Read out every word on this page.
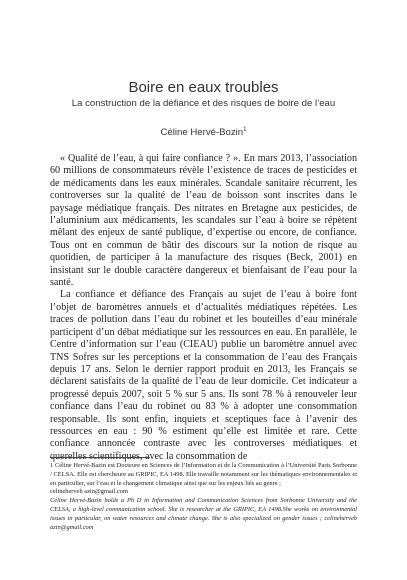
Boire en eaux troubles
La construction de la défiance et des risques de boire de l’eau
Céline Hervé-Bozin$^1$

« Qualité de l’eau, à qui faire confiance ? ». En mars 2013, l’association 60 millions de consommateurs révèle l’existence de traces de pesticides et de médicaments dans les eaux minérales. Scandale sanitaire récurrent, les controverses sur la qualité de l’eau de boisson sont inscrites dans le paysage médiatique français. Des nitrates en Bretagne aux pesticides, de l’aluminium aux médicaments, les scandales sur l’eau à boire se répètent mêlant des enjeux de santé publique, d’expertise ou encore, de confiance. Tous ont en commun de bâtir des discours sur la notion de risque au quotidien, de participer à la manufacture des risques (Beck, 2001) en insistant sur le double caractère dangereux et bienfaisant de l’eau pour la santé.

La confiance et défiance des Français au sujet de l’eau à boire font l’objet de baromètres annuels et d’actualités médiatiques répétées. Les traces de pollution dans l’eau du robinet et les bouteilles d’eau minérale participent d’un débat médiatique sur les ressources en eau. En parallèle, le Centre d’information sur l’eau (CIEAU) publie un baromètre annuel avec TNS Sofres sur les perceptions et la consommation de l’eau des Français depuis 17 ans. Selon le dernier rapport produit en 2013, les Français se déclarent satisfaits de la qualité de l’eau de leur domicile. Cet indicateur a progressé depuis 2007, soit 5 % sur 5 ans. Ils sont 78 % à renouveler leur confiance dans l’eau du robinet ou 83 % à adopter une consommation responsable. Ils sont enfin, inquiets et sceptiques face à l’avenir des ressources en eau : 90 % estiment qu’elle est limitée et rare. Cette confiance annoncée contraste avec les controverses médiatiques et querelles scientifiques, avec la consommation de

1 Céline Hervé-Bazin est Docteure en Sciences de l’Information et de la Communication à l’Université Paris Sorbonne / CELSA. Elle est chercheure au GRIPIC, EA 1498. Elle travaille notamment sur les thématiques environnementales et en particulier, sur l’eau et le changement climatique ainsi que sur les enjeux liés au genre ;

celineherveb azin@gmail.com

Céline Hervé-Bazin holds a Ph D in Information and Communication Sciences from Sorbonne University and the CELSA, a high-level communication school. She is researcher at the GRIPIC, EA 1498.She works on environmental issues in particular, on water resources and climate change. She is also specialized on gender issues ; celineherveb azin@gmail.com
